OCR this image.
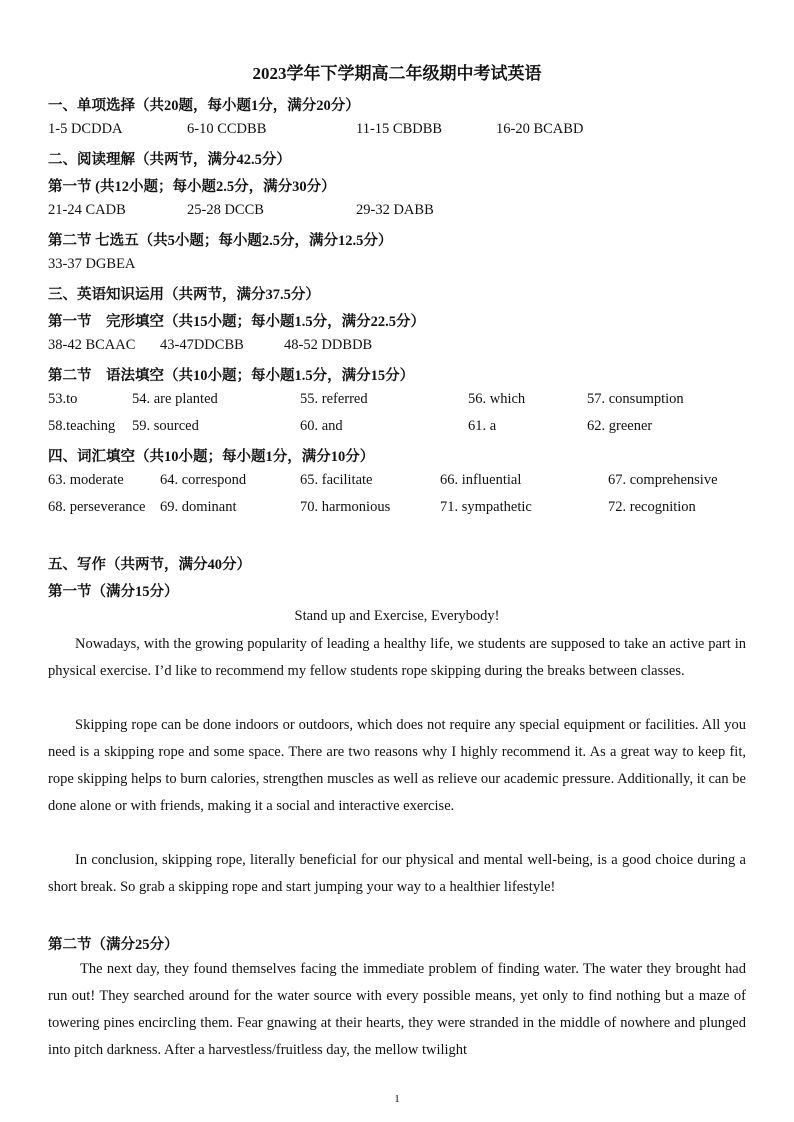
2023学年下学期高二年级期中考试英语
一、单项选择（共20题，每小题1分，满分20分）
1-5 DCDDA	6-10 CCDBB	11-15 CBDBB	16-20 BCABD
二、阅读理解（共两节，满分42.5分）
第一节 (共12小题；每小题2.5分，满分30分）
21-24 CADB	25-28 DCCB	29-32 DABB
第二节 七选五（共5小题；每小题2.5分，满分12.5分）
33-37 DGBEA
三、英语知识运用（共两节，满分37.5分）
第一节　完形填空（共15小题；每小题1.5分，满分22.5分）
38-42 BCAAC 43-47DDCBB	48-52 DDBDB
第二节　语法填空（共10小题；每小题1.5分，满分15分）
53.to	54. are planted	55. referred	56. which	57. consumption
58.teaching 59. sourced	60. and	61. a	62. greener
四、词汇填空（共10小题；每小题1分，满分10分）
63. moderate	64. correspond	65. facilitate	66. influential	67. comprehensive
68. perseverance 69. dominant	70. harmonious	71. sympathetic	72. recognition
五、写作（共两节，满分40分）
第一节（满分15分）
Stand up and Exercise, Everybody!

Nowadays, with the growing popularity of leading a healthy life, we students are supposed to take an active part in physical exercise. I’d like to recommend my fellow students rope skipping during the breaks between classes.

Skipping rope can be done indoors or outdoors, which does not require any special equipment or facilities. All you need is a skipping rope and some space. There are two reasons why I highly recommend it. As a great way to keep fit, rope skipping helps to burn calories, strengthen muscles as well as relieve our academic pressure. Additionally, it can be done alone or with friends, making it a social and interactive exercise.

In conclusion, skipping rope, literally beneficial for our physical and mental well-being, is a good choice during a short break. So grab a skipping rope and start jumping your way to a healthier lifestyle!

第二节（满分25分）

The next day, they found themselves facing the immediate problem of finding water. The water they brought had run out! They searched around for the water source with every possible means, yet only to find nothing but a maze of towering pines encircling them. Fear gnawing at their hearts, they were stranded in the middle of nowhere and plunged into pitch darkness. After a harvestless/fruitless day, the mellow twilight

1
